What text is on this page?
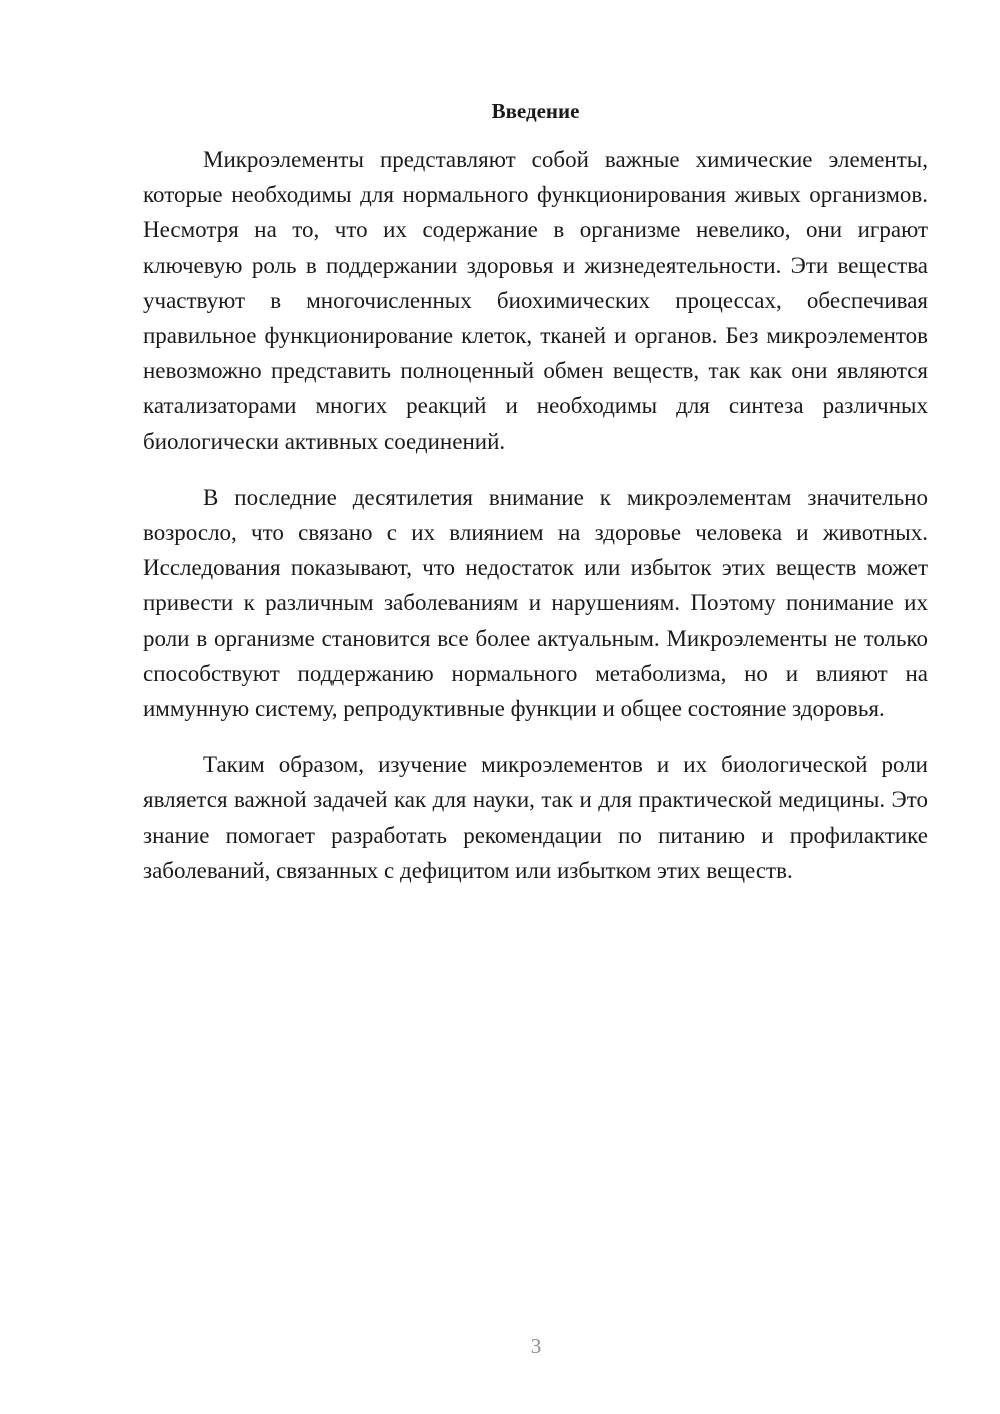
Введение

Микроэлементы представляют собой важные химические элементы, которые необходимы для нормального функционирования живых организмов. Несмотря на то, что их содержание в организме невелико, они играют ключевую роль в поддержании здоровья и жизнедеятельности. Эти вещества участвуют в многочисленных биохимических процессах, обеспечивая правильное функционирование клеток, тканей и органов. Без микроэлементов невозможно представить полноценный обмен веществ, так как они являются катализаторами многих реакций и необходимы для синтеза различных биологически активных соединений.

В последние десятилетия внимание к микроэлементам значительно возросло, что связано с их влиянием на здоровье человека и животных. Исследования показывают, что недостаток или избыток этих веществ может привести к различным заболеваниям и нарушениям. Поэтому понимание их роли в организме становится все более актуальным. Микроэлементы не только способствуют поддержанию нормального метаболизма, но и влияют на иммунную систему, репродуктивные функции и общее состояние здоровья.

Таким образом, изучение микроэлементов и их биологической роли является важной задачей как для науки, так и для практической медицины. Это знание помогает разработать рекомендации по питанию и профилактике заболеваний, связанных с дефицитом или избытком этих веществ.

3
